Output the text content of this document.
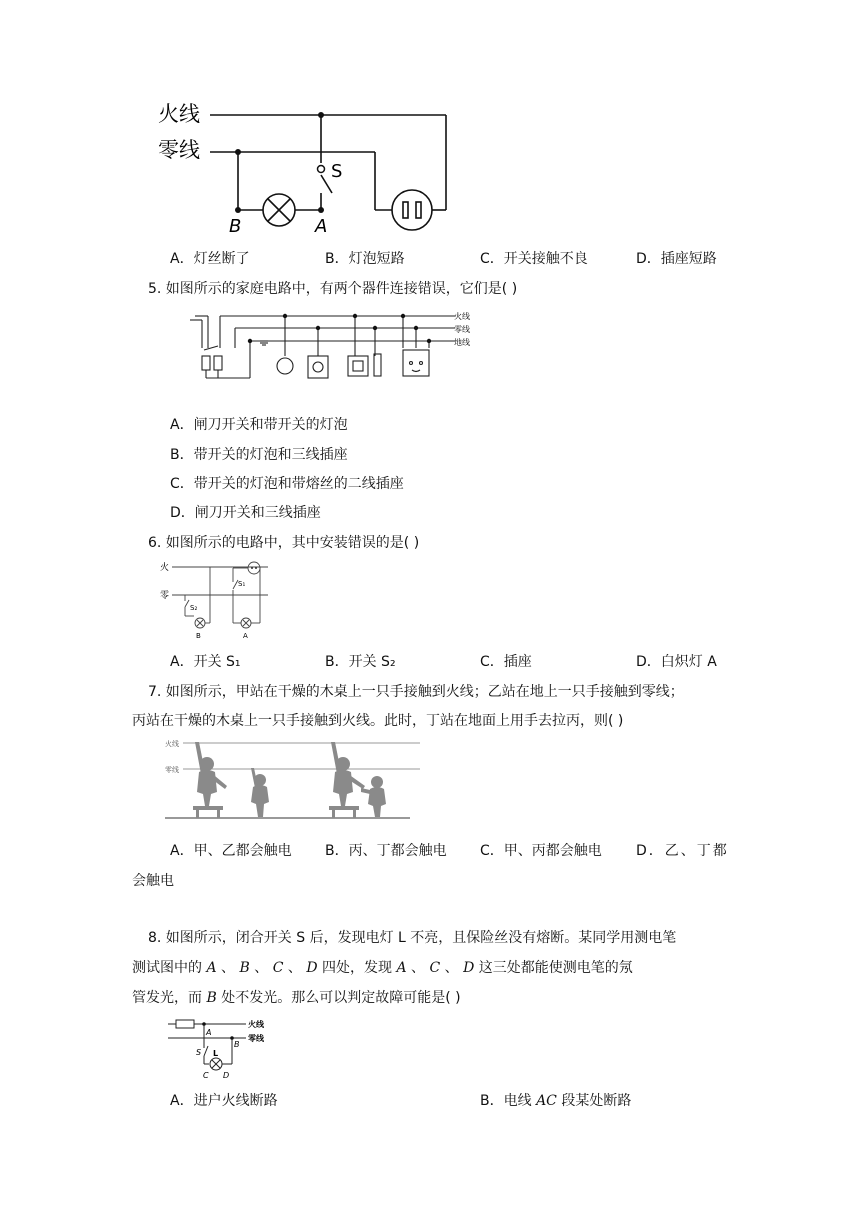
火线
零线
S
B	A
A．灯丝断了	B．灯泡短路	C．开关接触不良	D．插座短路
5. 如图所示的家庭电路中，有两个器件连接错误，它们是( )
火线
零线
地线
A．闸刀开关和带开关的灯泡
B．带开关的灯泡和三线插座
C．带开关的灯泡和带熔丝的二线插座
D．闸刀开关和三线插座
6. 如图所示的电路中，其中安装错误的是( )
火
零
S₁
S₂
B	A
A．开关 S₁	B．开关 S₂	C．插座	D．白炽灯 A
7. 如图所示，甲站在干燥的木桌上一只手接触到火线；乙站在地上一只手接触到零线；
丙站在干燥的木桌上一只手接触到火线。此时，丁站在地面上用手去拉丙，则( )
火线
零线
A．甲、乙都会触电 B．丙、丁都会触电 C．甲、丙都会触电 D．乙、丁都
会触电
8. 如图所示，闭合开关 S 后，发现电灯 L 不亮，且保险丝没有熔断。某同学用测电笔
测试图中的 A 、 B 、 C 、 D 四处，发现 A 、 C 、 D 这三处都能使测电笔的氖
管发光，而 B 处不发光。那么可以判定故障可能是( )
火线
零线
A
B
S L
C D
A．进户火线断路	B．电线 AC 段某处断路
